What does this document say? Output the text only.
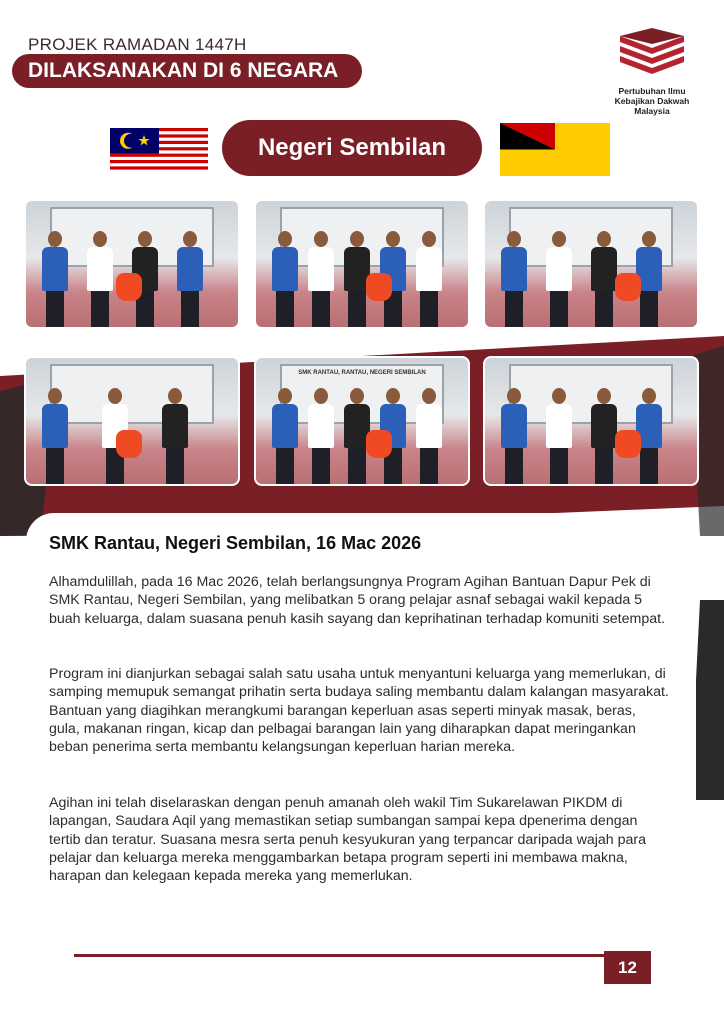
PROJEK RAMADAN 1447H
DILAKSANAKAN DI 6 NEGARA
Pertubuhan Ilmu Kebajikan Dakwah Malaysia
Negeri Sembilan
SMK RANTAU, RANTAU, NEGERI SEMBILAN
SMK Rantau, Negeri Sembilan, 16 Mac 2026
Alhamdulillah, pada 16 Mac 2026, telah berlangsungnya Program Agihan Bantuan Dapur Pek di SMK Rantau, Negeri Sembilan, yang melibatkan 5 orang pelajar asnaf sebagai wakil kepada 5 buah keluarga, dalam suasana penuh kasih sayang dan keprihatinan terhadap komuniti setempat.
Program ini dianjurkan sebagai salah satu usaha untuk menyantuni keluarga yang memerlukan, di samping memupuk semangat prihatin serta budaya saling membantu dalam kalangan masyarakat. Bantuan yang diagihkan merangkumi barangan keperluan asas seperti minyak masak, beras, gula, makanan ringan, kicap dan pelbagai barangan lain yang diharapkan dapat meringankan beban penerima serta membantu kelangsungan keperluan harian mereka.
Agihan ini telah diselaraskan dengan penuh amanah oleh wakil Tim Sukarelawan PIKDM di lapangan, Saudara Aqil yang memastikan setiap sumbangan sampai kepa dpenerima dengan tertib dan teratur. Suasana mesra serta penuh kesyukuran yang terpancar daripada wajah para pelajar dan keluarga mereka menggambarkan betapa program seperti ini membawa makna, harapan dan kelegaan kepada mereka yang memerlukan.
12
